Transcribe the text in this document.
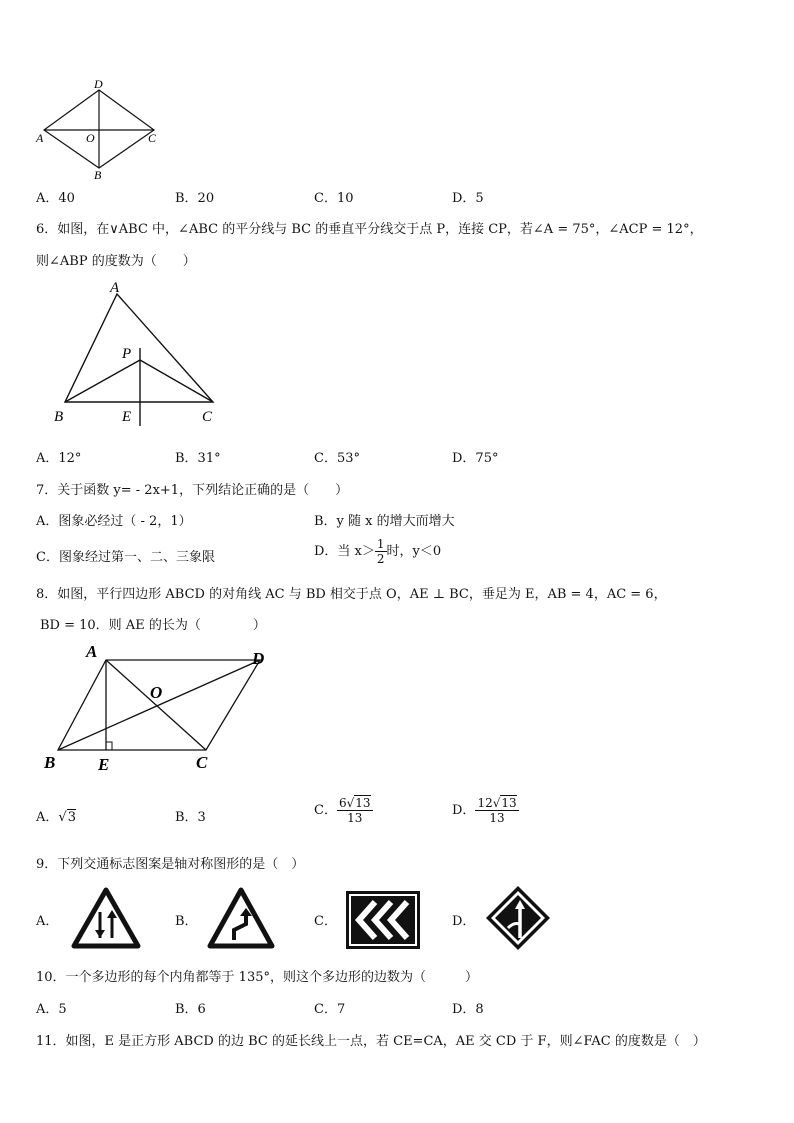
D
A	O	C
B
A．40	B．20	C．10	D．5
6．如图，在∨ABC 中，∠ABC 的平分线与 BC 的垂直平分线交于点 P，连接 CP，若∠A = 75°，∠ACP = 12°，
则∠ABP 的度数为（　　）
A
P
B	E	C
A．12°	B．31°	C．53°	D．75°
7．关于函数 y= - 2x+1，下列结论正确的是（　　）
A．图象必经过（ - 2，1）	B．y 随 x 的增大而增大
C．图象经过第一、二、三象限	D．当 $x> \frac{1}{2}$ 时，y＜0
8．如图，平行四边形 ABCD 的对角线 AC 与 BD 相交于点 O，AE ⊥ BC，垂足为 E，AB = 4，AC = 6，
BD = 10．则 AE 的长为（　　　　）
A	D
O
B	E	C
A．√3	B．3	C． $\frac{6√13}{13}$	D． $\frac{12√13}{13}$
9．下列交通标志图案是轴对称图形的是（　）
A．	B．	C．	D．
10．一个多边形的每个内角都等于 135°，则这个多边形的边数为（　　　）
A．5	B．6	C．7	D．8
11．如图，E 是正方形 ABCD 的边 BC 的延长线上一点，若 CE=CA，AE 交 CD 于 F，则∠FAC 的度数是（　）
